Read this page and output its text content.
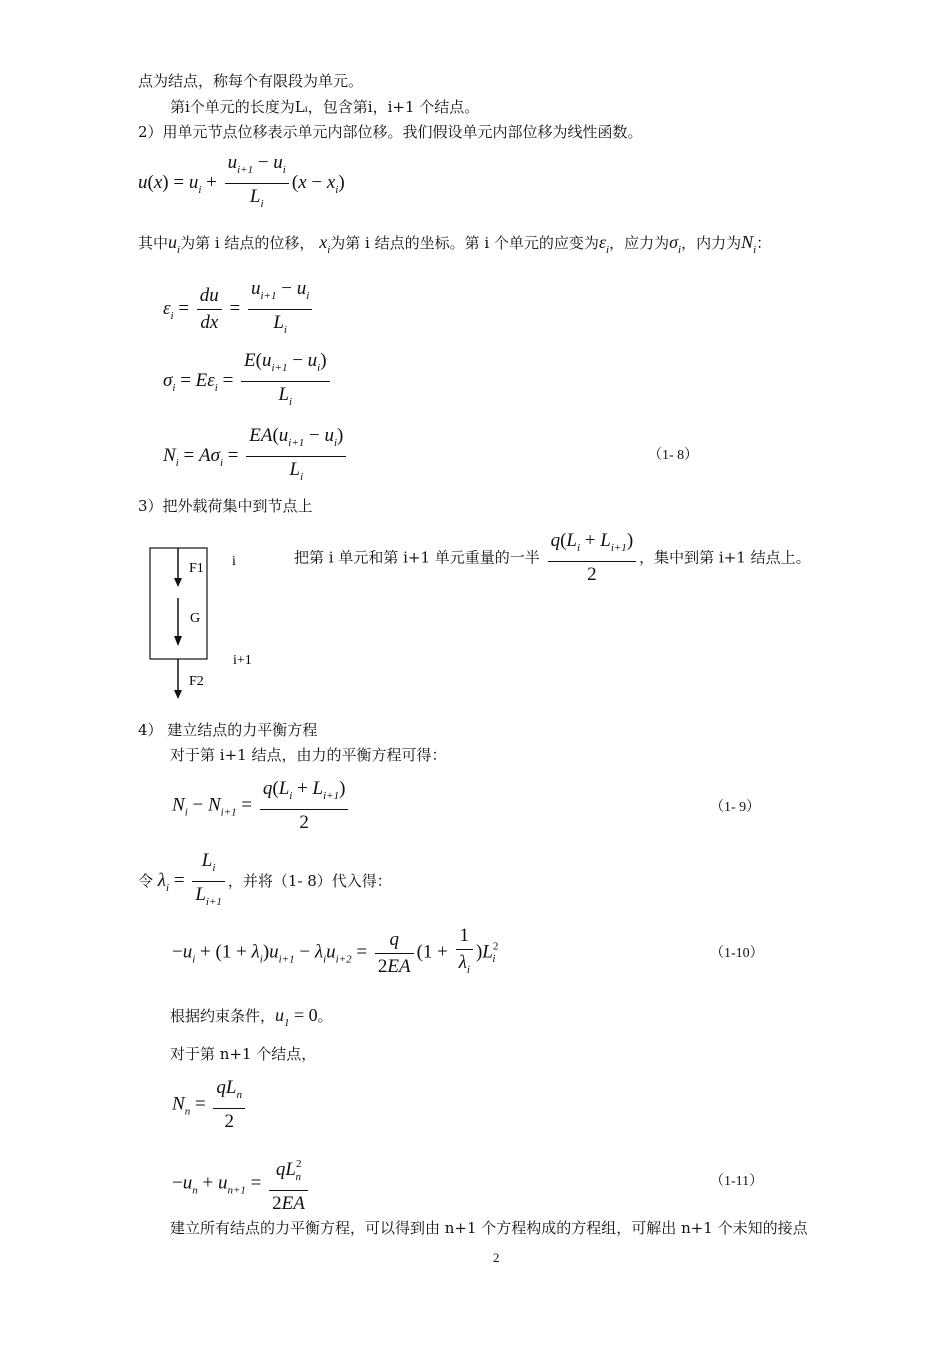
点为结点，称每个有限段为单元。
第i个单元的长度为Lᵢ，包含第i，i+1 个结点。
2）用单元节点位移表示单元内部位移。我们假设单元内部位移为线性函数。
$u(x) = u_i + \frac{u_{i+1} - u_i}{L_i} (x - x_i)$
其中$u_i$为第 i 结点的位移， $x_i$为第 i 结点的坐标。第 i 个单元的应变为$\varepsilon_i$，应力为$\sigma_i$，内力为$N_i$：
$\varepsilon_i = \frac{du}{dx} = \frac{u_{i+1} - u_i}{L_i}$
$\sigma_i = E\varepsilon_i = \frac{E(u_{i+1} - u_i)}{L_i}$
$N_i = A\sigma_i = \frac{EA(u_{i+1} - u_i)}{L_i}$	（1- 8）
3）把外载荷集中到节点上
F1
G
F2
i
i+1
把第 i 单元和第 i+1 单元重量的一半 $\frac{q(L_i + L_{i+1})}{2}$ ，集中到第 i+1 结点上。
4） 建立结点的力平衡方程
对于第 i+1 结点，由力的平衡方程可得：
$N_i - N_{i+1} = \frac{q(L_i + L_{i+1})}{2}$	（1- 9）
令 $\lambda_i = \frac{L_i}{L_{i+1}}$ ，并将（1- 8）代入得：
$-u_i + (1 + \lambda_i)u_{i+1} - \lambda_iu_{i+2} = \frac{q}{2EA} (1 + \frac{1}{\lambda_i} )L^2_i$	（1-10）
根据约束条件，$u_1 = 0$。
对于第 n+1 个结点，
$N_n = \frac{qL_n}{2}$
$-u_n + u_{n+1} = \frac{qL^2_n}{2EA}$	（1-11）
建立所有结点的力平衡方程，可以得到由 n+1 个方程构成的方程组，可解出 n+1 个未知的接点
2
